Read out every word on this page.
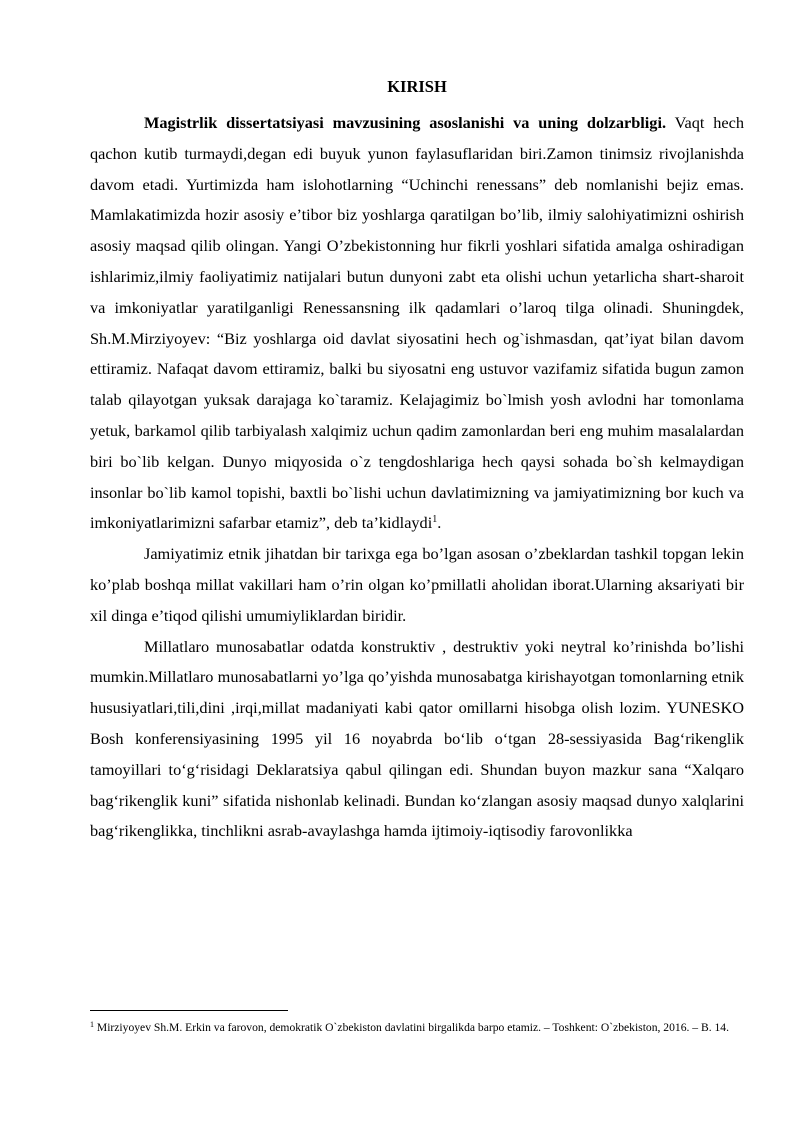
KIRISH

Magistrlik dissertatsiyasi mavzusining asoslanishi va uning dolzarbligi. Vaqt hech qachon kutib turmaydi,degan edi buyuk yunon faylasuflaridan biri.Zamon tinimsiz rivojlanishda davom etadi. Yurtimizda ham islohotlarning “Uchinchi renessans” deb nomlanishi bejiz emas. Mamlakatimizda hozir asosiy e’tibor biz yoshlarga qaratilgan bo’lib, ilmiy salohiyatimizni oshirish asosiy maqsad qilib olingan. Yangi O’zbekistonning hur fikrli yoshlari sifatida amalga oshiradigan ishlarimiz,ilmiy faoliyatimiz natijalari butun dunyoni zabt eta olishi uchun yetarlicha shart-sharoit va imkoniyatlar yaratilganligi Renessansning ilk qadamlari o’laroq tilga olinadi. Shuningdek, Sh.M.Mirziyoyev: “Biz yoshlarga oid davlat siyosatini hech og`ishmasdan, qat’iyat bilan davom ettiramiz. Nafaqat davom ettiramiz, balki bu siyosatni eng ustuvor vazifamiz sifatida bugun zamon talab qilayotgan yuksak darajaga ko`taramiz. Kelajagimiz bo`lmish yosh avlodni har tomonlama yetuk, barkamol qilib tarbiyalash xalqimiz uchun qadim zamonlardan beri eng muhim masalalardan biri bo`lib kelgan. Dunyo miqyosida o`z tengdoshlariga hech qaysi sohada bo`sh kelmaydigan insonlar bo`lib kamol topishi, baxtli bo`lishi uchun davlatimizning va jamiyatimizning bor kuch va imkoniyatlarimizni safarbar etamiz”, deb ta’kidlaydi$^1$.

Jamiyatimiz etnik jihatdan bir tarixga ega bo’lgan asosan o’zbeklardan tashkil topgan lekin ko’plab boshqa millat vakillari ham o’rin olgan ko’pmillatli aholidan iborat.Ularning aksariyati bir xil dinga e’tiqod qilishi umumiyliklardan biridir.

Millatlaro munosabatlar odatda konstruktiv , destruktiv yoki neytral ko’rinishda bo’lishi mumkin.Millatlaro munosabatlarni yo’lga qo’yishda munosabatga kirishayotgan tomonlarning etnik hususiyatlari,tili,dini ,irqi,millat madaniyati kabi qator omillarni hisobga olish lozim. YUNESKO Bosh konferensiyasining 1995 yil 16 noyabrda bo‘lib o‘tgan 28-sessiyasida Bag‘rikenglik tamoyillari to‘g‘risidagi Deklaratsiya qabul qilingan edi. Shundan buyon mazkur sana “Xalqaro bag‘rikenglik kuni” sifatida nishonlab kelinadi. Bundan ko‘zlangan asosiy maqsad dunyo xalqlarini bag‘rikenglikka, tinchlikni asrab-avaylashga hamda ijtimoiy-iqtisodiy farovonlikka

$^1$ Mirziyoyev Sh.M. Erkin va farovon, demokratik O`zbekiston davlatini birgalikda barpo etamiz. – Toshkent: O`zbekiston, 2016. – B. 14.
